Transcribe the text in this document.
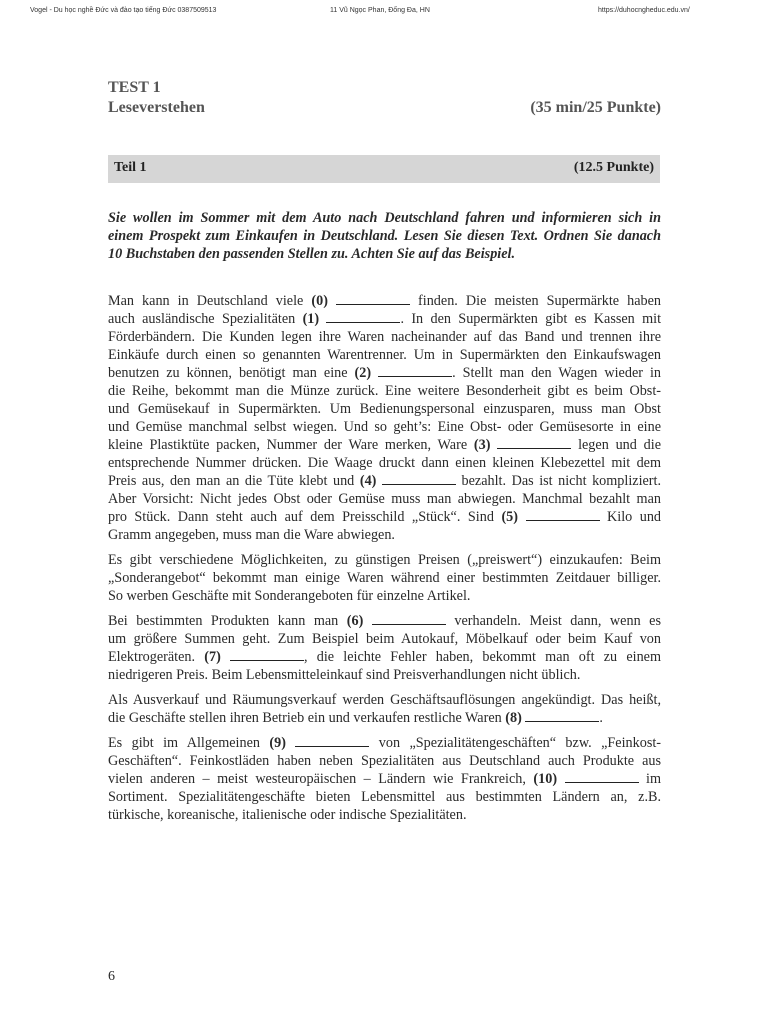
Vogel - Du học nghề Đức và đào tạo tiếng Đức 0387509513	11 Vũ Ngọc Phan, Đống Đa, HN	https://duhocngheduc.edu.vn/
TEST 1
Leseverstehen	(35 min/25 Punkte)
Teil 1	(12.5 Punkte)
Sie wollen im Sommer mit dem Auto nach Deutschland fahren und informieren sich in
einem Prospekt zum Einkaufen in Deutschland. Lesen Sie diesen Text. Ordnen Sie danach
10 Buchstaben den passenden Stellen zu. Achten Sie auf das Beispiel.
Man kann in Deutschland viele (0)	finden. Die meisten Supermärkte haben
auch ausländische Spezialitäten (1)	. In den Supermärkten gibt es Kassen mit
Förderbändern. Die Kunden legen ihre Waren nacheinander auf das Band und trennen ihre
Einkäufe durch einen so genannten Warentrenner. Um in Supermärkten den Einkaufswagen
benutzen zu können, benötigt man eine (2)	. Stellt man den Wagen wieder in
die Reihe, bekommt man die Münze zurück. Eine weitere Besonderheit gibt es beim Obst-
und Gemüsekauf in Supermärkten. Um Bedienungspersonal einzusparen, muss man Obst
und Gemüse manchmal selbst wiegen. Und so geht’s: Eine Obst- oder Gemüsesorte in eine
kleine Plastiktüte packen, Nummer der Ware merken, Ware (3)	legen und die
entsprechende Nummer drücken. Die Waage druckt dann einen kleinen Klebezettel mit dem
Preis aus, den man an die Tüte klebt und (4)	bezahlt. Das ist nicht kompliziert.
Aber Vorsicht: Nicht jedes Obst oder Gemüse muss man abwiegen. Manchmal bezahlt man
pro Stück. Dann steht auch auf dem Preisschild „Stück“. Sind (5)	Kilo und
Gramm angegeben, muss man die Ware abwiegen.
Es gibt verschiedene Möglichkeiten, zu günstigen Preisen („preiswert“) einzukaufen: Beim
„Sonderangebot“ bekommt man einige Waren während einer bestimmten Zeitdauer billiger.
So werben Geschäfte mit Sonderangeboten für einzelne Artikel.
Bei bestimmten Produkten kann man (6)	verhandeln. Meist dann, wenn es
um größere Summen geht. Zum Beispiel beim Autokauf, Möbelkauf oder beim Kauf von
Elektrogeräten. (7)	, die leichte Fehler haben, bekommt man oft zu einem
niedrigeren Preis. Beim Lebensmitteleinkauf sind Preisverhandlungen nicht üblich.
Als Ausverkauf und Räumungsverkauf werden Geschäftsauflösungen angekündigt. Das heißt,
die Geschäfte stellen ihren Betrieb ein und verkaufen restliche Waren (8)	.
Es gibt im Allgemeinen (9)	von „Spezialitätengeschäften“ bzw. „Feinkost-
Geschäften“. Feinkostläden haben neben Spezialitäten aus Deutschland auch Produkte aus
vielen anderen – meist westeuropäischen – Ländern wie Frankreich, (10)	im
Sortiment. Spezialitätengeschäfte bieten Lebensmittel aus bestimmten Ländern an, z.B.
türkische, koreanische, italienische oder indische Spezialitäten.
6
